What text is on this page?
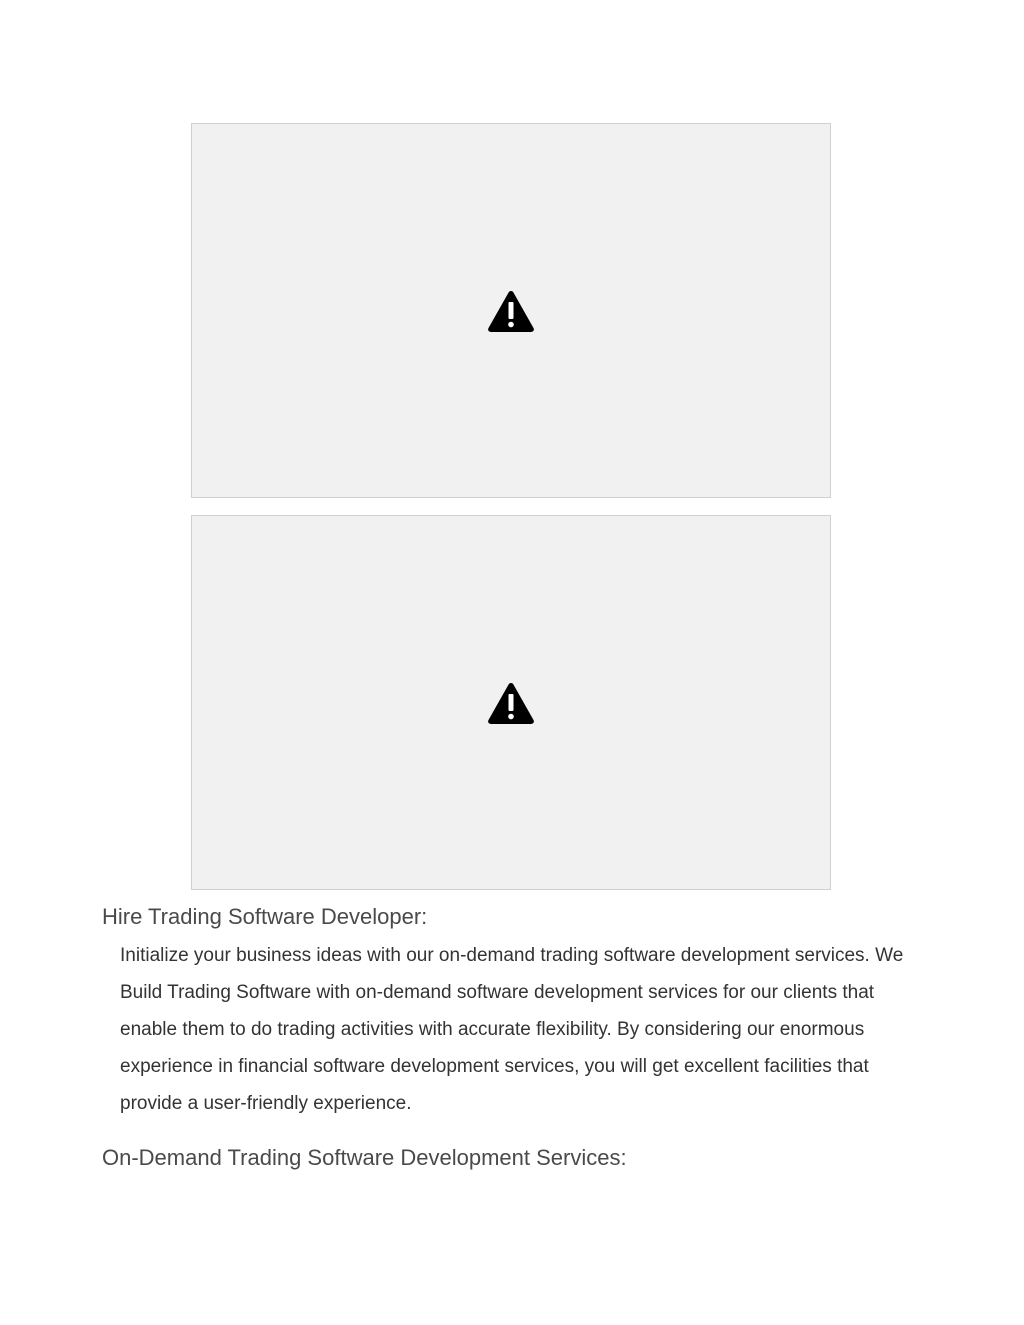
Hire Trading Software Developer:

Initialize your business ideas with our on-demand trading software development services. We Build Trading Software with on-demand software development services for our clients that enable them to do trading activities with accurate flexibility. By considering our enormous experience in financial software development services, you will get excellent facilities that provide a user-friendly experience.

On-Demand Trading Software Development Services:
